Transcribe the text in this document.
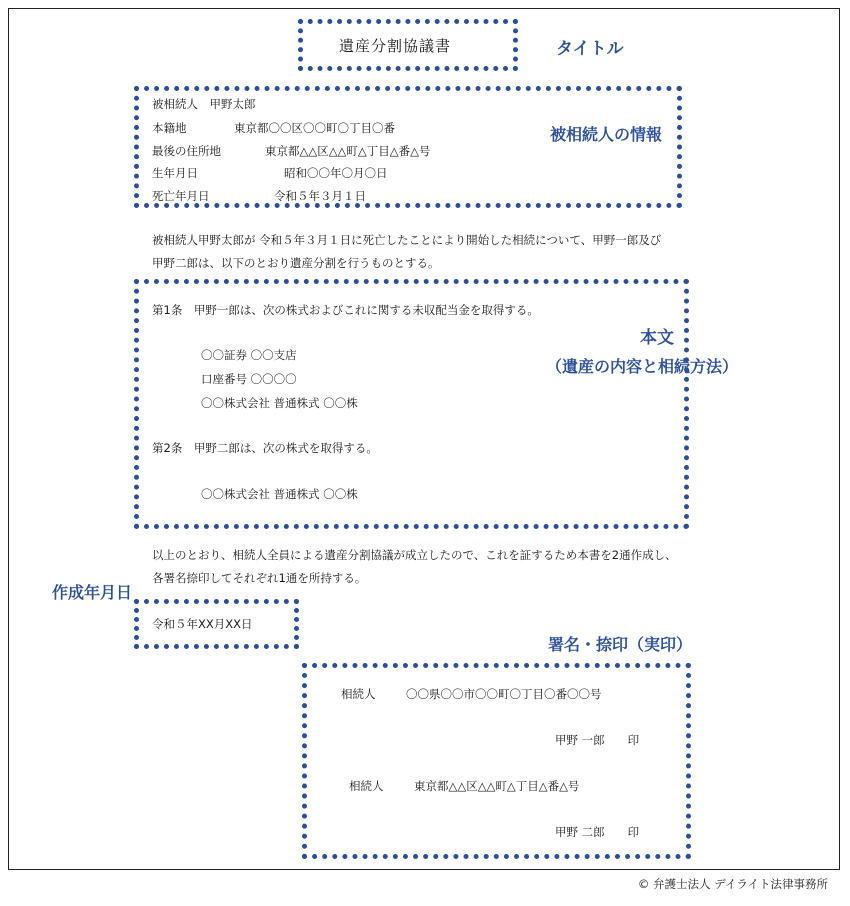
遺産分割協議書	タイトル
被相続人　甲野太郎
本籍地	東京都〇〇区〇〇町〇丁目〇番
最後の住所地	東京都△△区△△町△丁目△番△号
生年月日	昭和〇〇年〇月〇日
死亡年月日	令和５年３月１日
被相続人の情報
被相続人甲野太郎が 令和５年３月１日に死亡したことにより開始した相続について、甲野一郎及び
甲野二郎は、以下のとおり遺産分割を行うものとする。
第1条　甲野一郎は、次の株式およびこれに関する未収配当金を取得する。
〇〇証券 〇〇支店
口座番号 〇〇〇〇
〇〇株式会社 普通株式 〇〇株
第2条　甲野二郎は、次の株式を取得する。
〇〇株式会社 普通株式 〇〇株
本文
（遺産の内容と相続方法）
以上のとおり、相続人全員による遺産分割協議が成立したので、これを証するため本書を2通作成し、
各署名捺印してそれぞれ1通を所持する。
作成年月日
令和５年XX月XX日
署名・捺印（実印）
相続人	〇〇県〇〇市〇〇町〇丁目〇番〇〇号
甲野 一郎　　印
相続人	東京都△△区△△町△丁目△番△号
甲野 二郎　　印
© 弁護士法人 デイライト法律事務所
